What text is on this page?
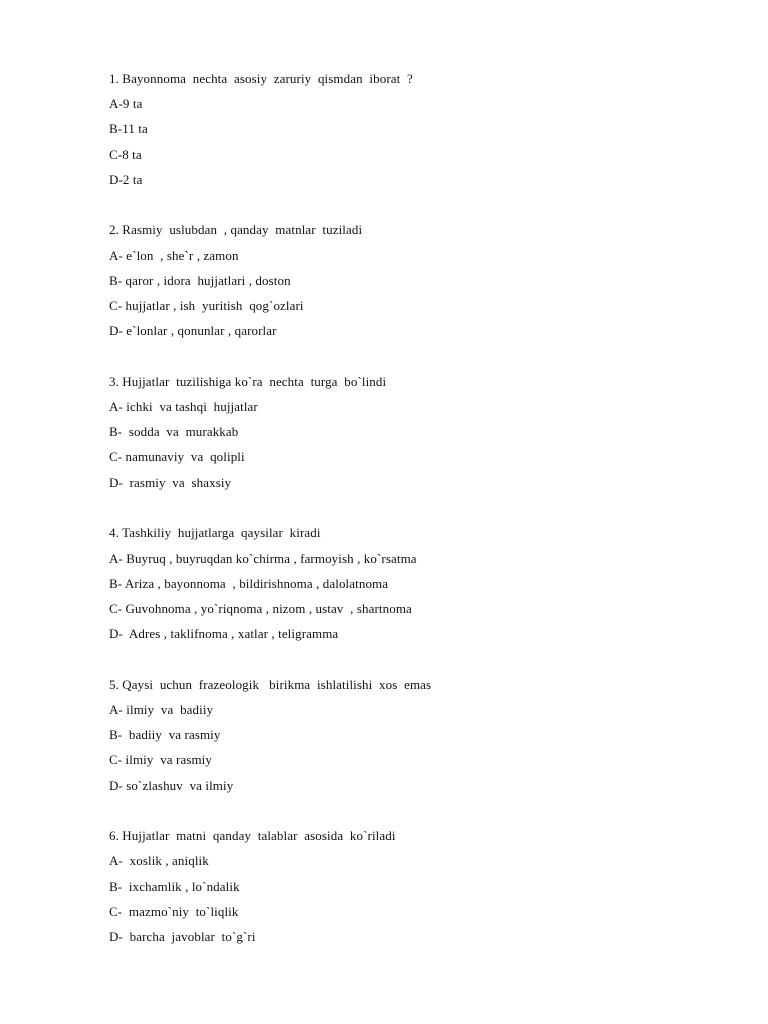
1. Bayonnoma  nechta  asosiy  zaruriy  qismdan  iborat  ?
A-9 ta
B-11 ta
C-8 ta
D-2 ta
2. Rasmiy  uslubdan  , qanday  matnlar  tuziladi
A- e`lon  , she`r , zamon
B- qaror , idora  hujjatlari , doston
C- hujjatlar , ish  yuritish  qog`ozlari
D- e`lonlar , qonunlar , qarorlar
3. Hujjatlar  tuzilishiga ko`ra  nechta  turga  bo`lindi
A- ichki  va tashqi  hujjatlar
B-  sodda  va  murakkab
C- namunaviy  va  qolipli
D-  rasmiy  va  shaxsiy
4. Tashkiliy  hujjatlarga  qaysilar  kiradi
A- Buyruq , buyruqdan ko`chirma , farmoyish , ko`rsatma
B- Ariza , bayonnoma  , bildirishnoma , dalolatnoma
C- Guvohnoma , yo`riqnoma , nizom , ustav  , shartnoma
D-  Adres , taklifnoma , xatlar , teligramma
5. Qaysi  uchun  frazeologik   birikma  ishlatilishi  xos  emas
A- ilmiy  va  badiiy
B-  badiiy  va rasmiy
C- ilmiy  va rasmiy
D- so`zlashuv  va ilmiy
6. Hujjatlar  matni  qanday  talablar  asosida  ko`riladi
A-  xoslik , aniqlik
B-  ixchamlik , lo`ndalik
C-  mazmo`niy  to`liqlik
D-  barcha  javoblar  to`g`ri
